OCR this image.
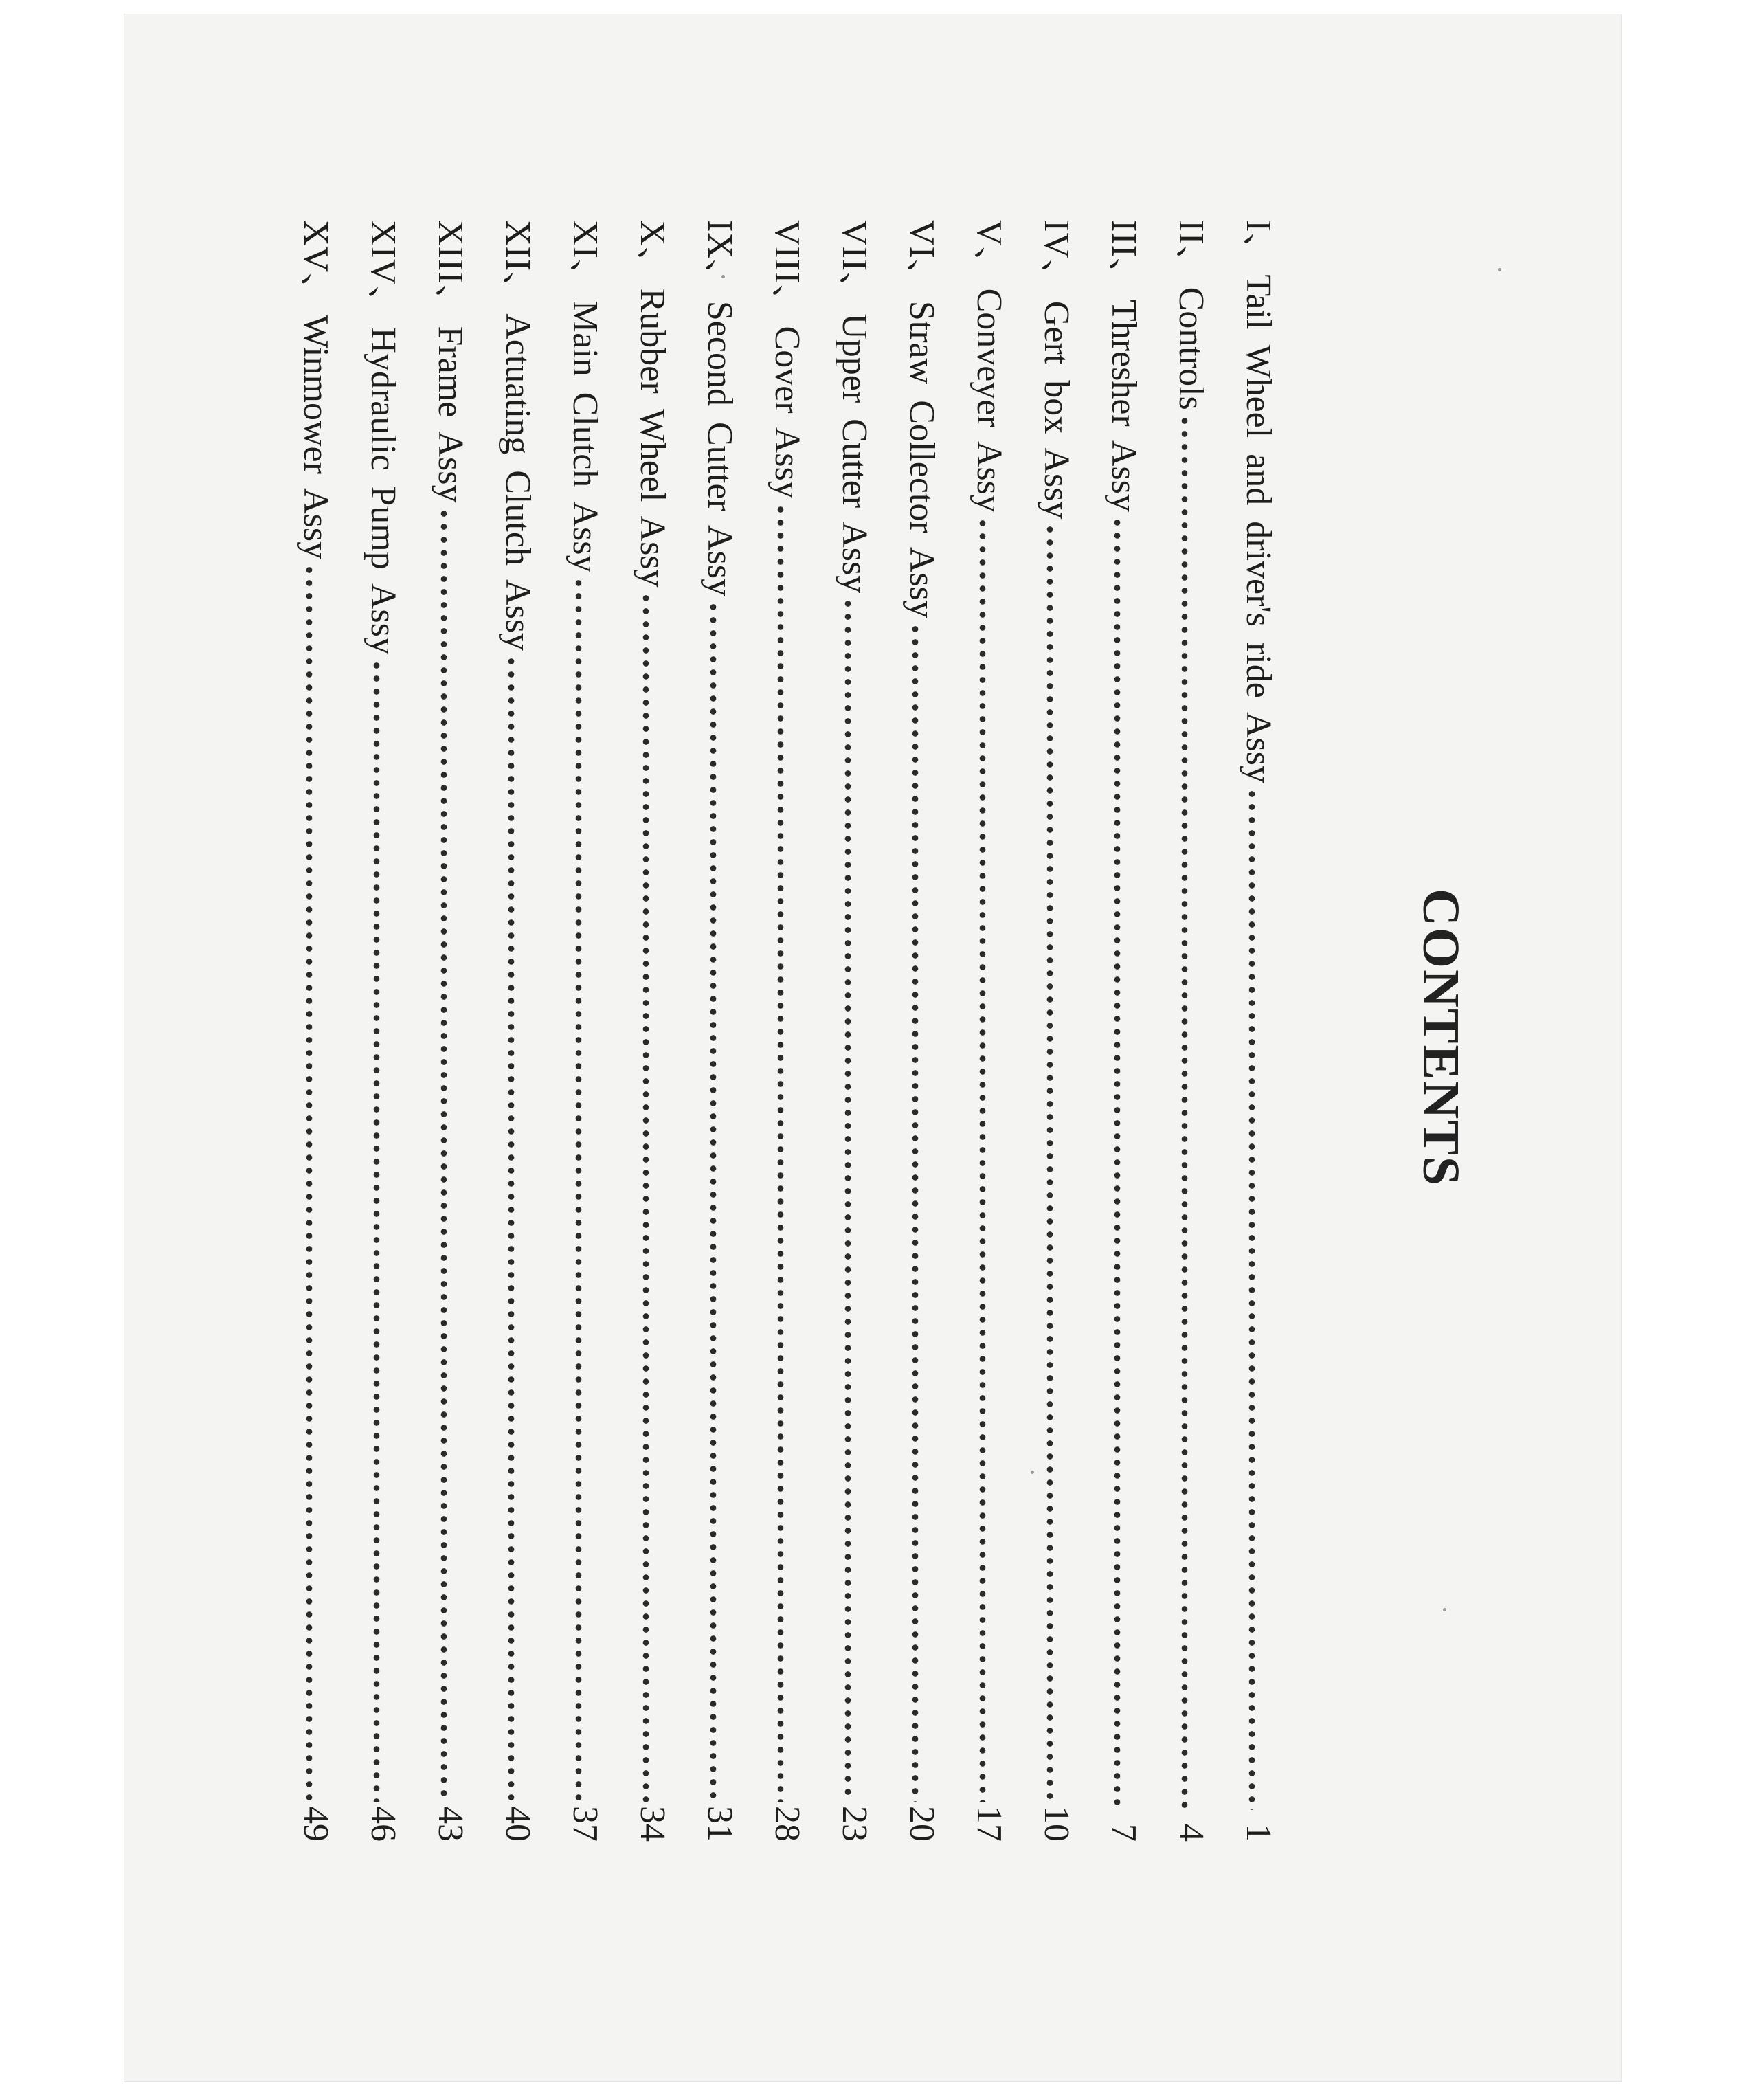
CONTENTS
I、
Tail Wheel and driver's ride Assy
1
II、
Controls
4
III、
Thresher Assy
7
IV、
Gert box Assy
10
V、
Conveyer Assy
17
VI、
Straw Collector Assy
20
VII、
Upper Cutter Assy
23
VIII、
Cover Assy
28
IX、
Second Cutter Assy
31
X、
Rubber Wheel Assy
34
XI、
Main Clutch Assy
37
XII、
Actuating Clutch Assy
40
XIII、
Frame Assy
43
XIV、
Hydraulic Pump Assy
46
XV、
Winmower Assy
49
